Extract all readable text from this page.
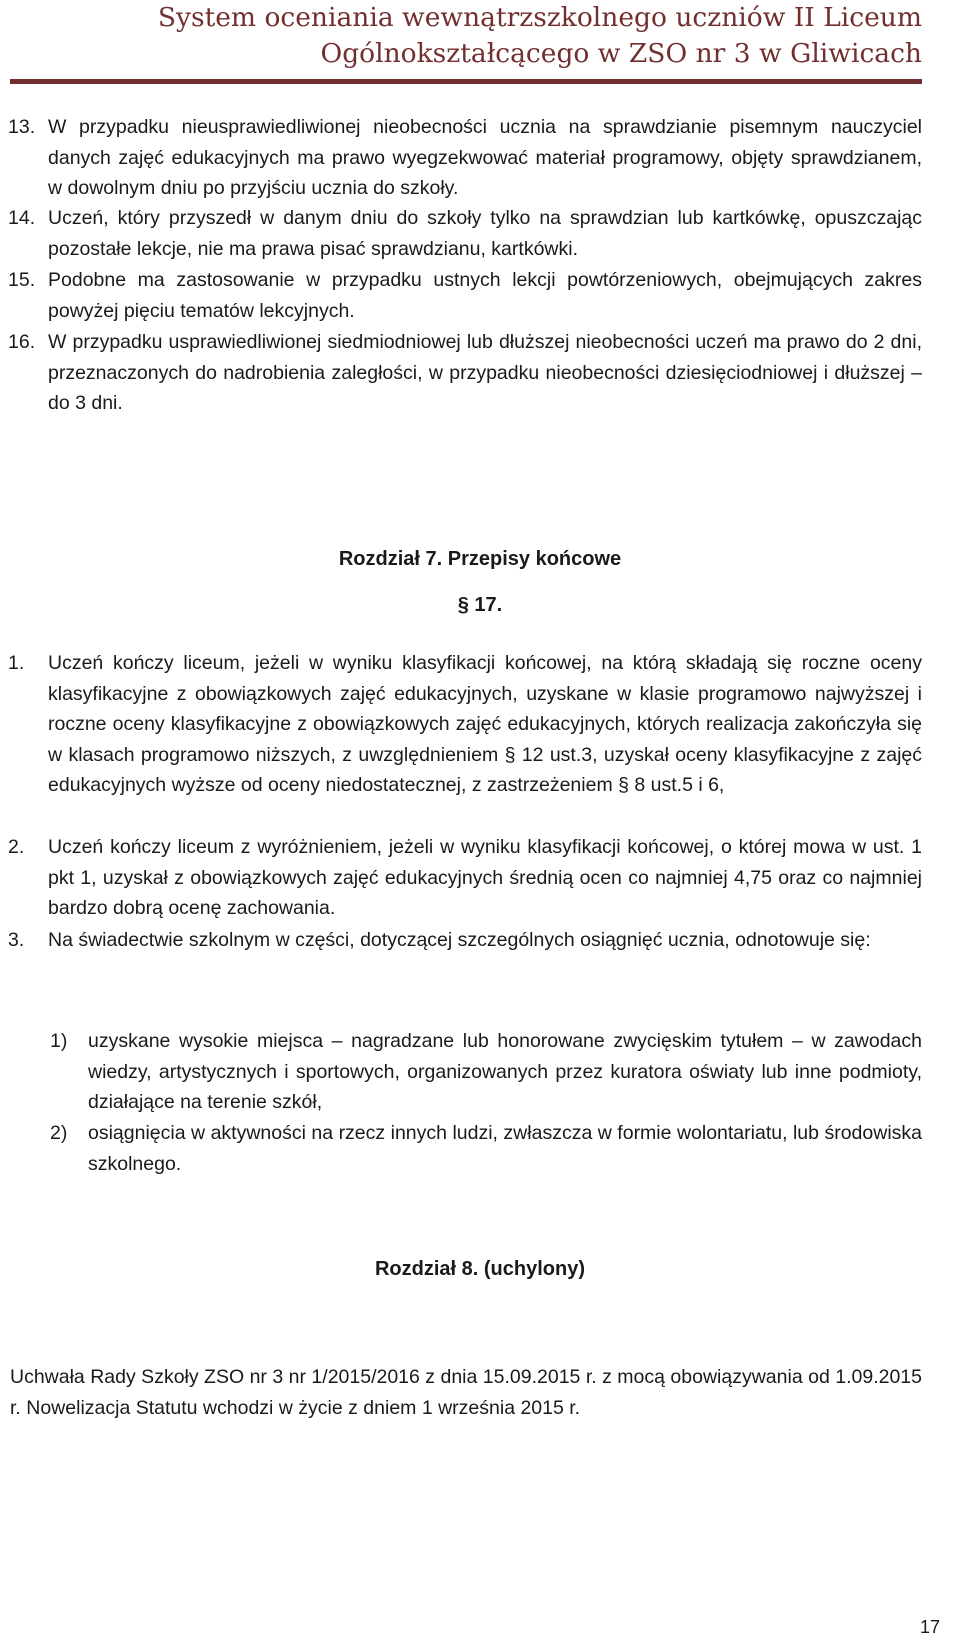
System oceniania wewnątrzszkolnego uczniów II Liceum
Ogólnokształcącego w ZSO nr 3 w Gliwicach
13. W przypadku nieusprawiedliwionej nieobecności ucznia na sprawdzianie pisemnym nauczyciel danych zajęć edukacyjnych ma prawo wyegzekwować materiał programowy, objęty sprawdzianem, w dowolnym dniu po przyjściu ucznia do szkoły.

14. Uczeń, który przyszedł w danym dniu do szkoły tylko na sprawdzian lub kartkówkę, opuszczając pozostałe lekcje, nie ma prawa pisać sprawdzianu, kartkówki.

15. Podobne ma zastosowanie w przypadku ustnych lekcji powtórzeniowych, obejmujących zakres powyżej pięciu tematów lekcyjnych.

16. W przypadku usprawiedliwionej siedmiodniowej lub dłuższej nieobecności uczeń ma prawo do 2 dni, przeznaczonych do nadrobienia zaległości, w przypadku nieobecności dziesięciodniowej i dłuższej – do 3 dni.

Rozdział 7. Przepisy końcowe
§ 17.
1. Uczeń kończy liceum, jeżeli w wyniku klasyfikacji końcowej, na którą składają się roczne oceny klasyfikacyjne z obowiązkowych zajęć edukacyjnych, uzyskane w klasie programowo najwyższej i roczne oceny klasyfikacyjne z obowiązkowych zajęć edukacyjnych, których realizacja zakończyła się w klasach programowo niższych, z uwzględnieniem § 12 ust.3, uzyskał oceny klasyfikacyjne z zajęć edukacyjnych wyższe od oceny niedostatecznej, z zastrzeżeniem § 8 ust.5 i 6,

2. Uczeń kończy liceum z wyróżnieniem, jeżeli w wyniku klasyfikacji końcowej, o której mowa w ust. 1 pkt 1, uzyskał z obowiązkowych zajęć edukacyjnych średnią ocen co najmniej 4,75 oraz co najmniej bardzo dobrą ocenę zachowania.

3. Na świadectwie szkolnym w części, dotyczącej szczególnych osiągnięć ucznia, odnotowuje się:

1) uzyskane wysokie miejsca – nagradzane lub honorowane zwycięskim tytułem – w zawodach wiedzy, artystycznych i sportowych, organizowanych przez kuratora oświaty lub inne podmioty, działające na terenie szkół,

2) osiągnięcia w aktywności na rzecz innych ludzi, zwłaszcza w formie wolontariatu, lub środowiska szkolnego.

Rozdział 8. (uchylony)
Uchwała Rady Szkoły ZSO nr 3 nr 1/2015/2016 z dnia 15.09.2015 r. z mocą obowiązywania od 1.09.2015 r. Nowelizacja Statutu wchodzi w życie z dniem 1 września 2015 r.
17
